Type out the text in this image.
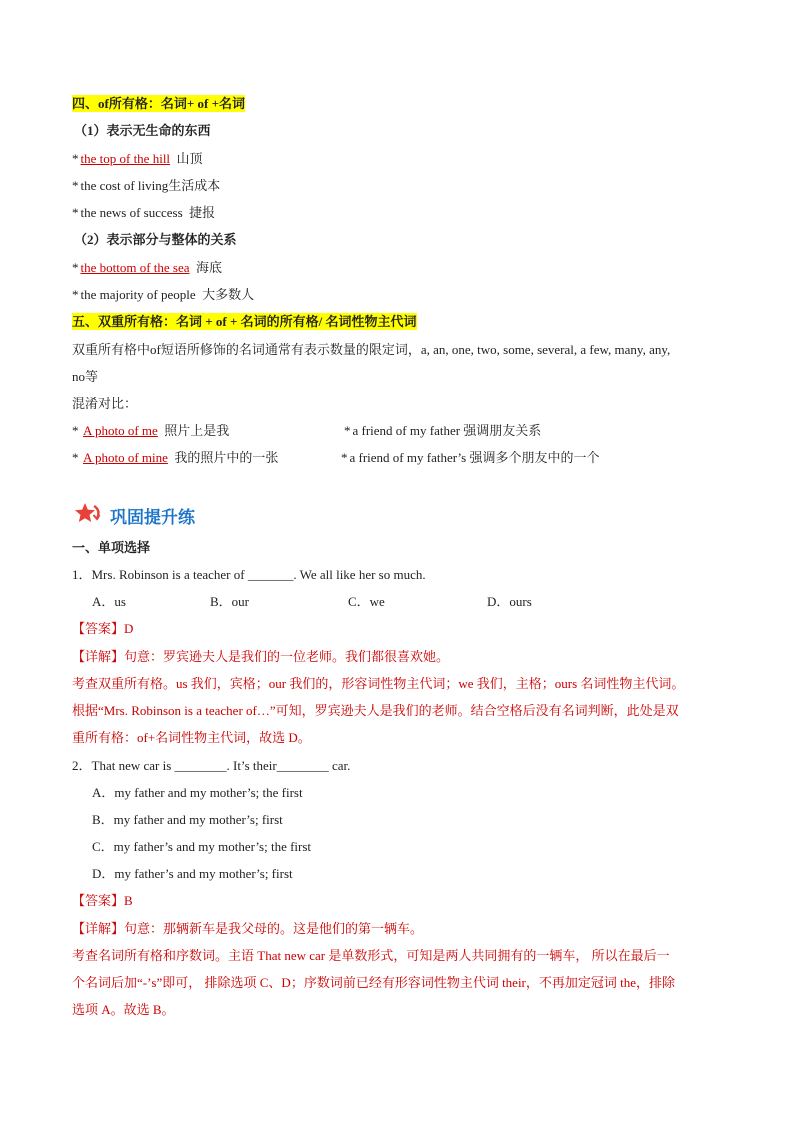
四、of所有格：名词+ of +名词
（1）表示无生命的东西
* the top of the hill 山顶
* the cost of living生活成本
* the news of success 捷报
（2）表示部分与整体的关系
* the bottom of the sea 海底
* the majority of people 大多数人
五、双重所有格：名词 + of + 名词的所有格/ 名词性物主代词
双重所有格中of短语所修饰的名词通常有表示数量的限定词，a, an, one, two, some, several, a few, many, any,
no等
混淆对比：
* A photo of me 照片上是我	* a friend of my father 强调朋友关系
* A photo of mine 我的照片中的一张	* a friend of my father’s 强调多个朋友中的一个
巩固提升练
一、单项选择
1．Mrs. Robinson is a teacher of _______. We all like her so much.
A．us	B．our	C．we	D．ours
【答案】D
【详解】句意：罗宾逊夫人是我们的一位老师。我们都很喜欢她。
考查双重所有格。us 我们，宾格；our 我们的，形容词性物主代词；we 我们，主格；ours 名词性物主代词。
根据“Mrs. Robinson is a teacher of…”可知，罗宾逊夫人是我们的老师。结合空格后没有名词判断，此处是双
重所有格：of+名词性物主代词，故选 D。
2．That new car is ________. It’s their________ car.
A．my father and my mother’s; the first
B．my father and my mother’s; first
C．my father’s and my mother’s; the first
D．my father’s and my mother’s; first
【答案】B
【详解】句意：那辆新车是我父母的。这是他们的第一辆车。
考查名词所有格和序数词。主语 That new car 是单数形式，可知是两人共同拥有的一辆车， 所以在最后一
个名词后加“-’s”即可， 排除选项 C、D；序数词前已经有形容词性物主代词 their，不再加定冠词 the，排除
选项 A。故选 B。
